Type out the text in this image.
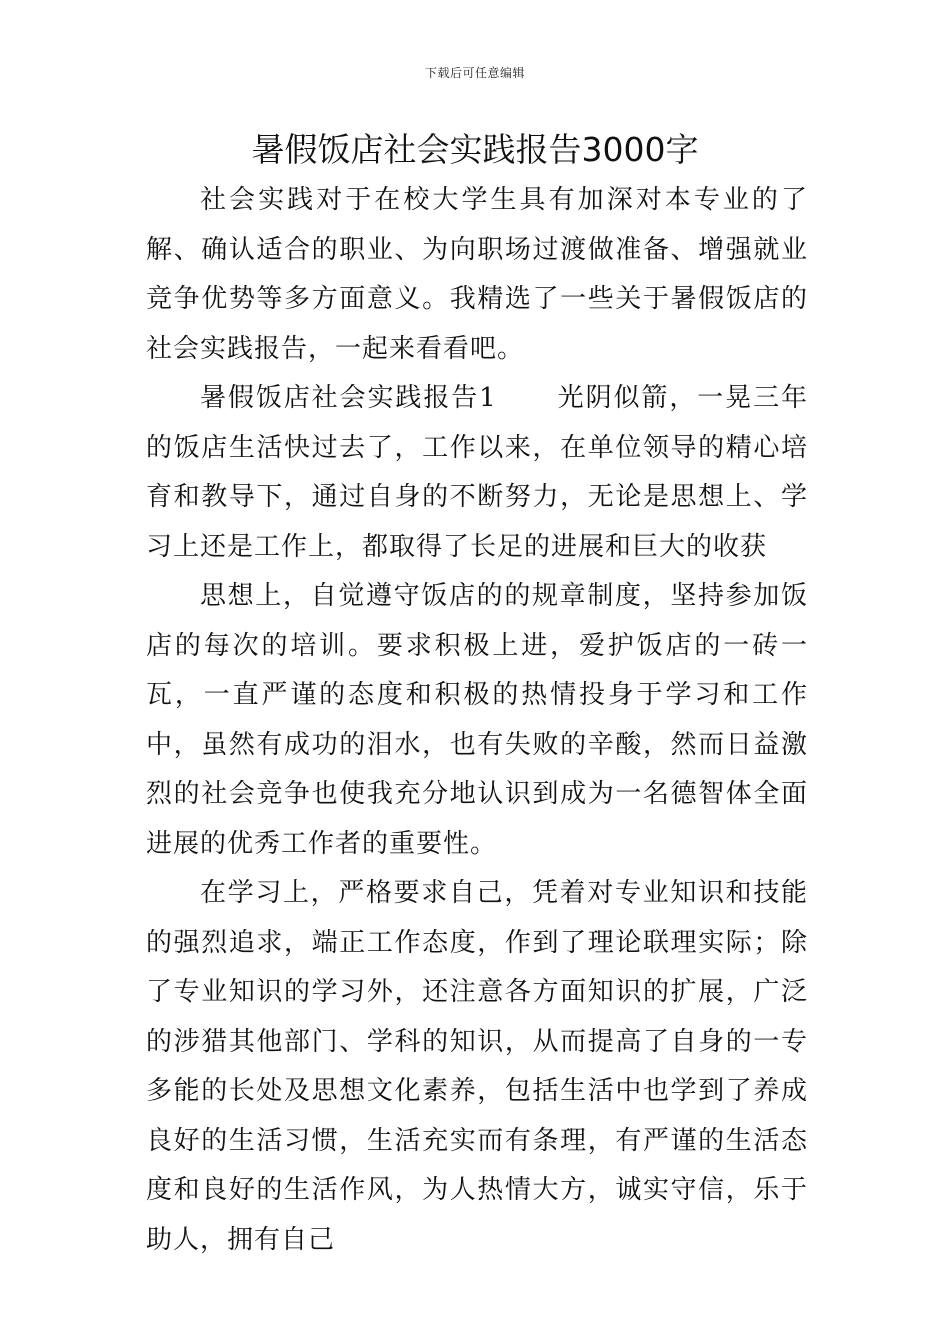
下载后可任意编辑
暑假饭店社会实践报告3000字

社会实践对于在校大学生具有加深对本专业的了解、确认适合的职业、为向职场过渡做准备、增强就业竞争优势等多方面意义。我精选了一些关于暑假饭店的社会实践报告，一起来看看吧。

暑假饭店社会实践报告1 光阴似箭，一晃三年的饭店生活快过去了，工作以来，在单位领导的精心培育和教导下，通过自身的不断努力，无论是思想上、学习上还是工作上，都取得了长足的进展和巨大的收获

思想上，自觉遵守饭店的的规章制度，坚持参加饭店的每次的培训。要求积极上进，爱护饭店的一砖一瓦，一直严谨的态度和积极的热情投身于学习和工作中，虽然有成功的泪水，也有失败的辛酸，然而日益激烈的社会竞争也使我充分地认识到成为一名德智体全面进展的优秀工作者的重要性。

在学习上，严格要求自己，凭着对专业知识和技能的强烈追求，端正工作态度，作到了理论联理实际；除了专业知识的学习外，还注意各方面知识的扩展，广泛的涉猎其他部门、学科的知识，从而提高了自身的一专多能的长处及思想文化素养，包括生活中也学到了养成良好的生活习惯，生活充实而有条理，有严谨的生活态度和良好的生活作风，为人热情大方，诚实守信，乐于助人，拥有自己
